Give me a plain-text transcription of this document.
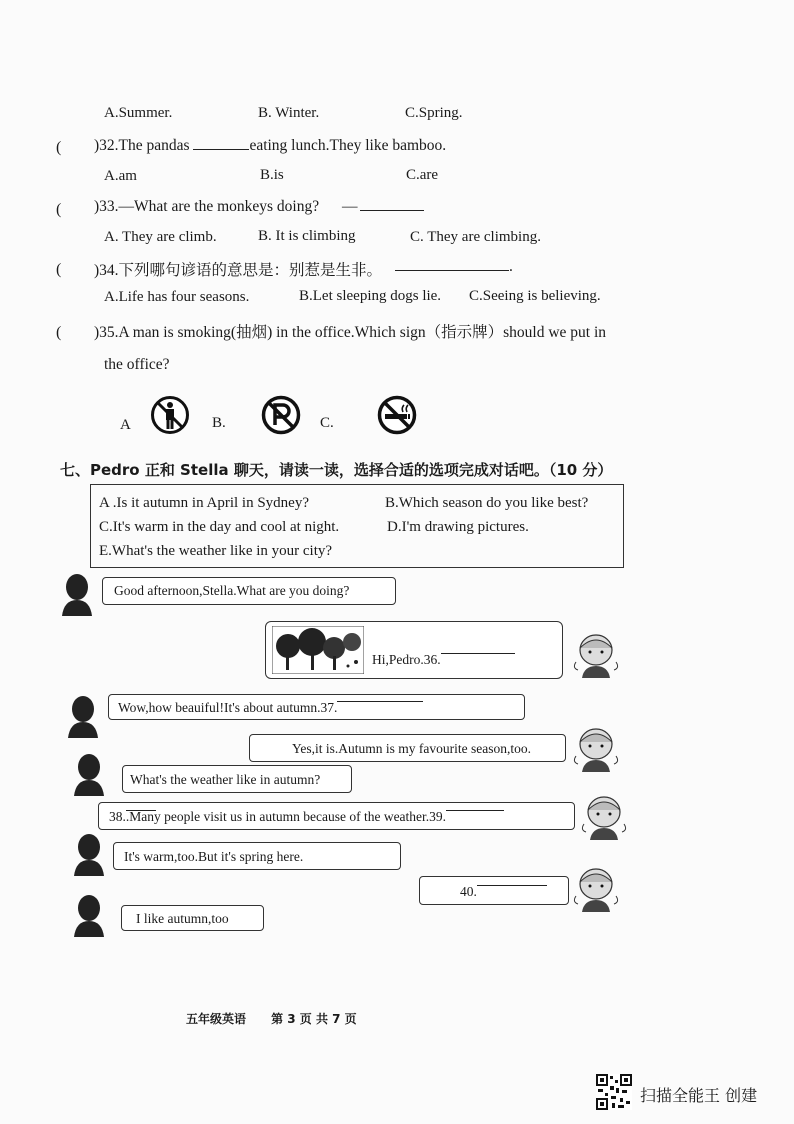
A.Summer.	B. Winter.	C.Spring.
( )32.The pandas	eating lunch.They like bamboo.
A.am	B.is	C.are
( )33.—What are the monkeys doing? —
A. They are climb.	B. It is climbing	C. They are climbing.
( )34.下列哪句谚语的意思是：别惹是生非。	.
A.Life has four seasons.	B.Let sleeping dogs lie. C.Seeing is believing.
( )35.A man is smoking(抽烟) in the office.Which sign（指示牌）should we put in
the office?
A	B.	C.
七、Pedro 正和 Stella 聊天，请读一读，选择合适的选项完成对话吧。（10 分）
A .Is it autumn in April in Sydney?	B.Which season do you like best?
C.It's warm in the day and cool at night.	D.I'm drawing pictures.
E.What's the weather like in your city?
Good afternoon,Stella.What are you doing?
Hi,Pedro.36.
Wow,how beauiful!It's about autumn.37.
Yes,it is.Autumn is my favourite season,too.
What's the weather like in autumn?
38.
.Many people visit us in autumn because of the weather.39.
It's warm,too.But it's spring here.
40.
I like autumn,too
五年级英语      第 3 页 共 7 页
扫描全能王 创建
